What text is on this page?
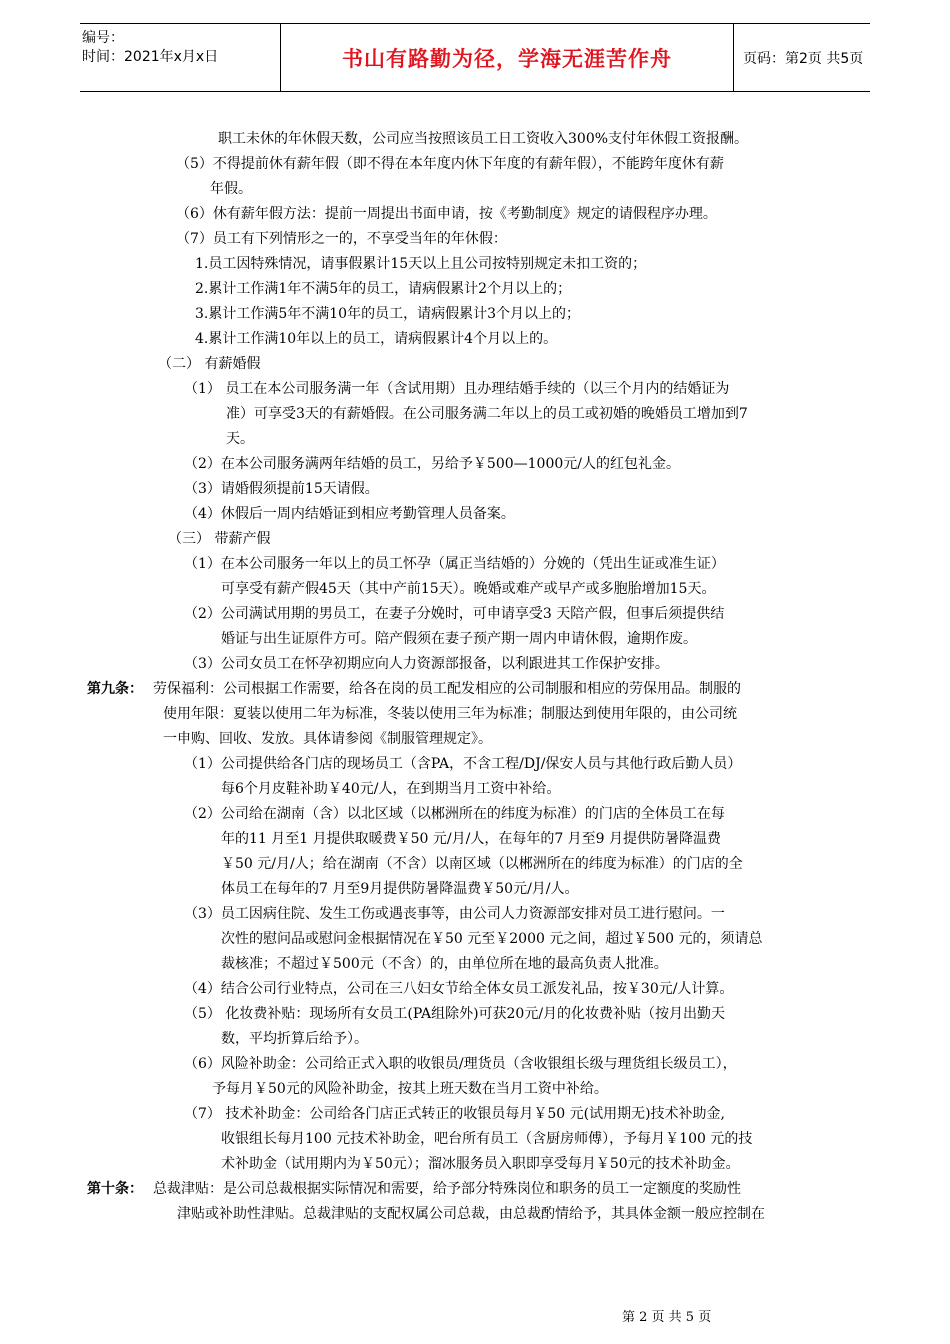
编号：
时间：2021年x月x日	书山有路勤为径，学海无涯苦作舟	页码：第2页 共5页
职工未休的年休假天数，公司应当按照该员工日工资收入300%支付年休假工资报酬。
（5）不得提前休有薪年假（即不得在本年度内休下年度的有薪年假），不能跨年度休有薪
年假。
（6）休有薪年假方法：提前一周提出书面申请，按《考勤制度》规定的请假程序办理。
（7）员工有下列情形之一的，不享受当年的年休假：
1.员工因特殊情况，请事假累计15天以上且公司按特别规定未扣工资的；
2.累计工作满1年不满5年的员工，请病假累计2个月以上的；
3.累计工作满5年不满10年的员工，请病假累计3个月以上的；
4.累计工作满10年以上的员工，请病假累计4个月以上的。
（二） 有薪婚假
（1） 员工在本公司服务满一年（含试用期）且办理结婚手续的（以三个月内的结婚证为
准）可享受3天的有薪婚假。在公司服务满二年以上的员工或初婚的晚婚员工增加到7
天。
（2）在本公司服务满两年结婚的员工，另给予￥500—1000元/人的红包礼金。
（3）请婚假须提前15天请假。
（4）休假后一周内结婚证到相应考勤管理人员备案。
（三） 带薪产假
（1）在本公司服务一年以上的员工怀孕（属正当结婚的）分娩的（凭出生证或准生证）
可享受有薪产假45天（其中产前15天）。晚婚或难产或早产或多胞胎增加15天。
（2）公司满试用期的男员工，在妻子分娩时，可申请享受3 天陪产假，但事后须提供结
婚证与出生证原件方可。陪产假须在妻子预产期一周内申请休假，逾期作废。
（3）公司女员工在怀孕初期应向人力资源部报备，以利跟进其工作保护安排。
第九条： 劳保福利：公司根据工作需要，给各在岗的员工配发相应的公司制服和相应的劳保用品。制服的
使用年限：夏装以使用二年为标准，冬装以使用三年为标准；制服达到使用年限的，由公司统
一申购、回收、发放。具体请参阅《制服管理规定》。
（1）公司提供给各门店的现场员工（含PA，不含工程/DJ/保安人员与其他行政后勤人员）
每6个月皮鞋补助￥40元/人，在到期当月工资中补给。
（2）公司给在湖南（含）以北区域（以郴洲所在的纬度为标准）的门店的全体员工在每
年的11 月至1 月提供取暖费￥50 元/月/人，在每年的7 月至9 月提供防暑降温费
￥50 元/月/人；给在湖南（不含）以南区域（以郴洲所在的纬度为标准）的门店的全
体员工在每年的7 月至9月提供防暑降温费￥50元/月/人。
（3）员工因病住院、发生工伤或遇丧事等，由公司人力资源部安排对员工进行慰问。一
次性的慰问品或慰问金根据情况在￥50 元至￥2000 元之间，超过￥500 元的，须请总
裁核准；不超过￥500元（不含）的，由单位所在地的最高负责人批准。
（4）结合公司行业特点，公司在三八妇女节给全体女员工派发礼品，按￥30元/人计算。
（5） 化妆费补贴：现场所有女员工(PA组除外)可获20元/月的化妆费补贴（按月出勤天
数，平均折算后给予）。
（6）风险补助金：公司给正式入职的收银员/理货员（含收银组长级与理货组长级员工），
予每月￥50元的风险补助金，按其上班天数在当月工资中补给。
（7） 技术补助金：公司给各门店正式转正的收银员每月￥50 元(试用期无)技术补助金,
收银组长每月100 元技术补助金，吧台所有员工（含厨房师傅），予每月￥100 元的技
术补助金（试用期内为￥50元）；溜冰服务员入职即享受每月￥50元的技术补助金。
第十条： 总裁津贴：是公司总裁根据实际情况和需要，给予部分特殊岗位和职务的员工一定额度的奖励性
津贴或补助性津贴。总裁津贴的支配权属公司总裁，由总裁酌情给予，其具体金额一般应控制在
第 2 页 共 5 页
